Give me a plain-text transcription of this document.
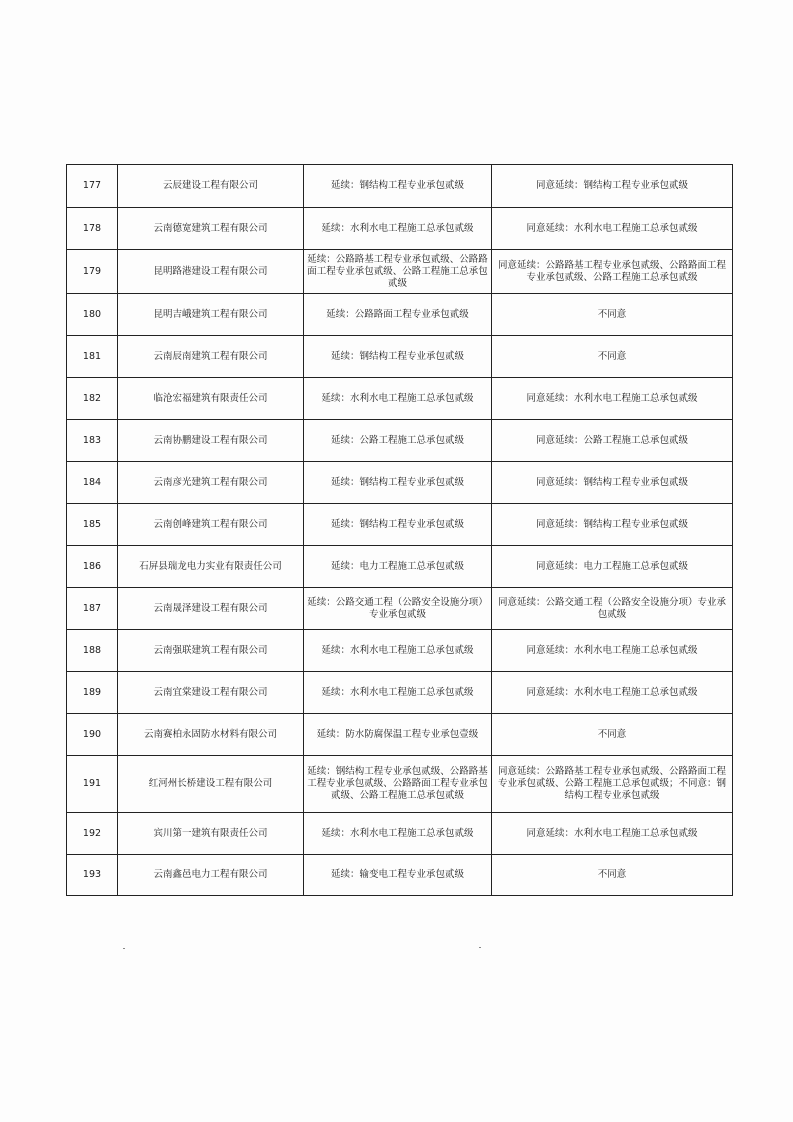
177	云辰建设工程有限公司	延续：钢结构工程专业承包贰级	同意延续：钢结构工程专业承包贰级
178	云南德宽建筑工程有限公司	延续：水利水电工程施工总承包贰级	同意延续：水利水电工程施工总承包贰级
179	昆明路港建设工程有限公司	延续：公路路基工程专业承包贰级、公路路面工程专业承包贰级、公路工程施工总承包贰级	同意延续：公路路基工程专业承包贰级、公路路面工程专业承包贰级、公路工程施工总承包贰级
180	昆明吉峨建筑工程有限公司	延续：公路路面工程专业承包贰级	不同意
181	云南辰南建筑工程有限公司	延续：钢结构工程专业承包贰级	不同意
182	临沧宏福建筑有限责任公司	延续：水利水电工程施工总承包贰级	同意延续：水利水电工程施工总承包贰级
183	云南协鹏建设工程有限公司	延续：公路工程施工总承包贰级	同意延续：公路工程施工总承包贰级
184	云南彦光建筑工程有限公司	延续：钢结构工程专业承包贰级	同意延续：钢结构工程专业承包贰级
185	云南创峰建筑工程有限公司	延续：钢结构工程专业承包贰级	同意延续：钢结构工程专业承包贰级
186	石屏县瑞龙电力实业有限责任公司	延续：电力工程施工总承包贰级	同意延续：电力工程施工总承包贰级
187	云南晟泽建设工程有限公司	延续：公路交通工程（公路安全设施分项）专业承包贰级	同意延续：公路交通工程（公路安全设施分项）专业承包贰级
188	云南强联建筑工程有限公司	延续：水利水电工程施工总承包贰级	同意延续：水利水电工程施工总承包贰级
189	云南宜棠建设工程有限公司	延续：水利水电工程施工总承包贰级	同意延续：水利水电工程施工总承包贰级
190	云南赛柏永固防水材料有限公司	延续：防水防腐保温工程专业承包壹级	不同意
191	红河州长桥建设工程有限公司	延续：钢结构工程专业承包贰级、公路路基工程专业承包贰级、公路路面工程专业承包贰级、公路工程施工总承包贰级	同意延续：公路路基工程专业承包贰级、公路路面工程专业承包贰级、公路工程施工总承包贰级；不同意：钢结构工程专业承包贰级
192	宾川第一建筑有限责任公司	延续：水利水电工程施工总承包贰级	同意延续：水利水电工程施工总承包贰级
193	云南鑫邑电力工程有限公司	延续：输变电工程专业承包贰级	不同意
